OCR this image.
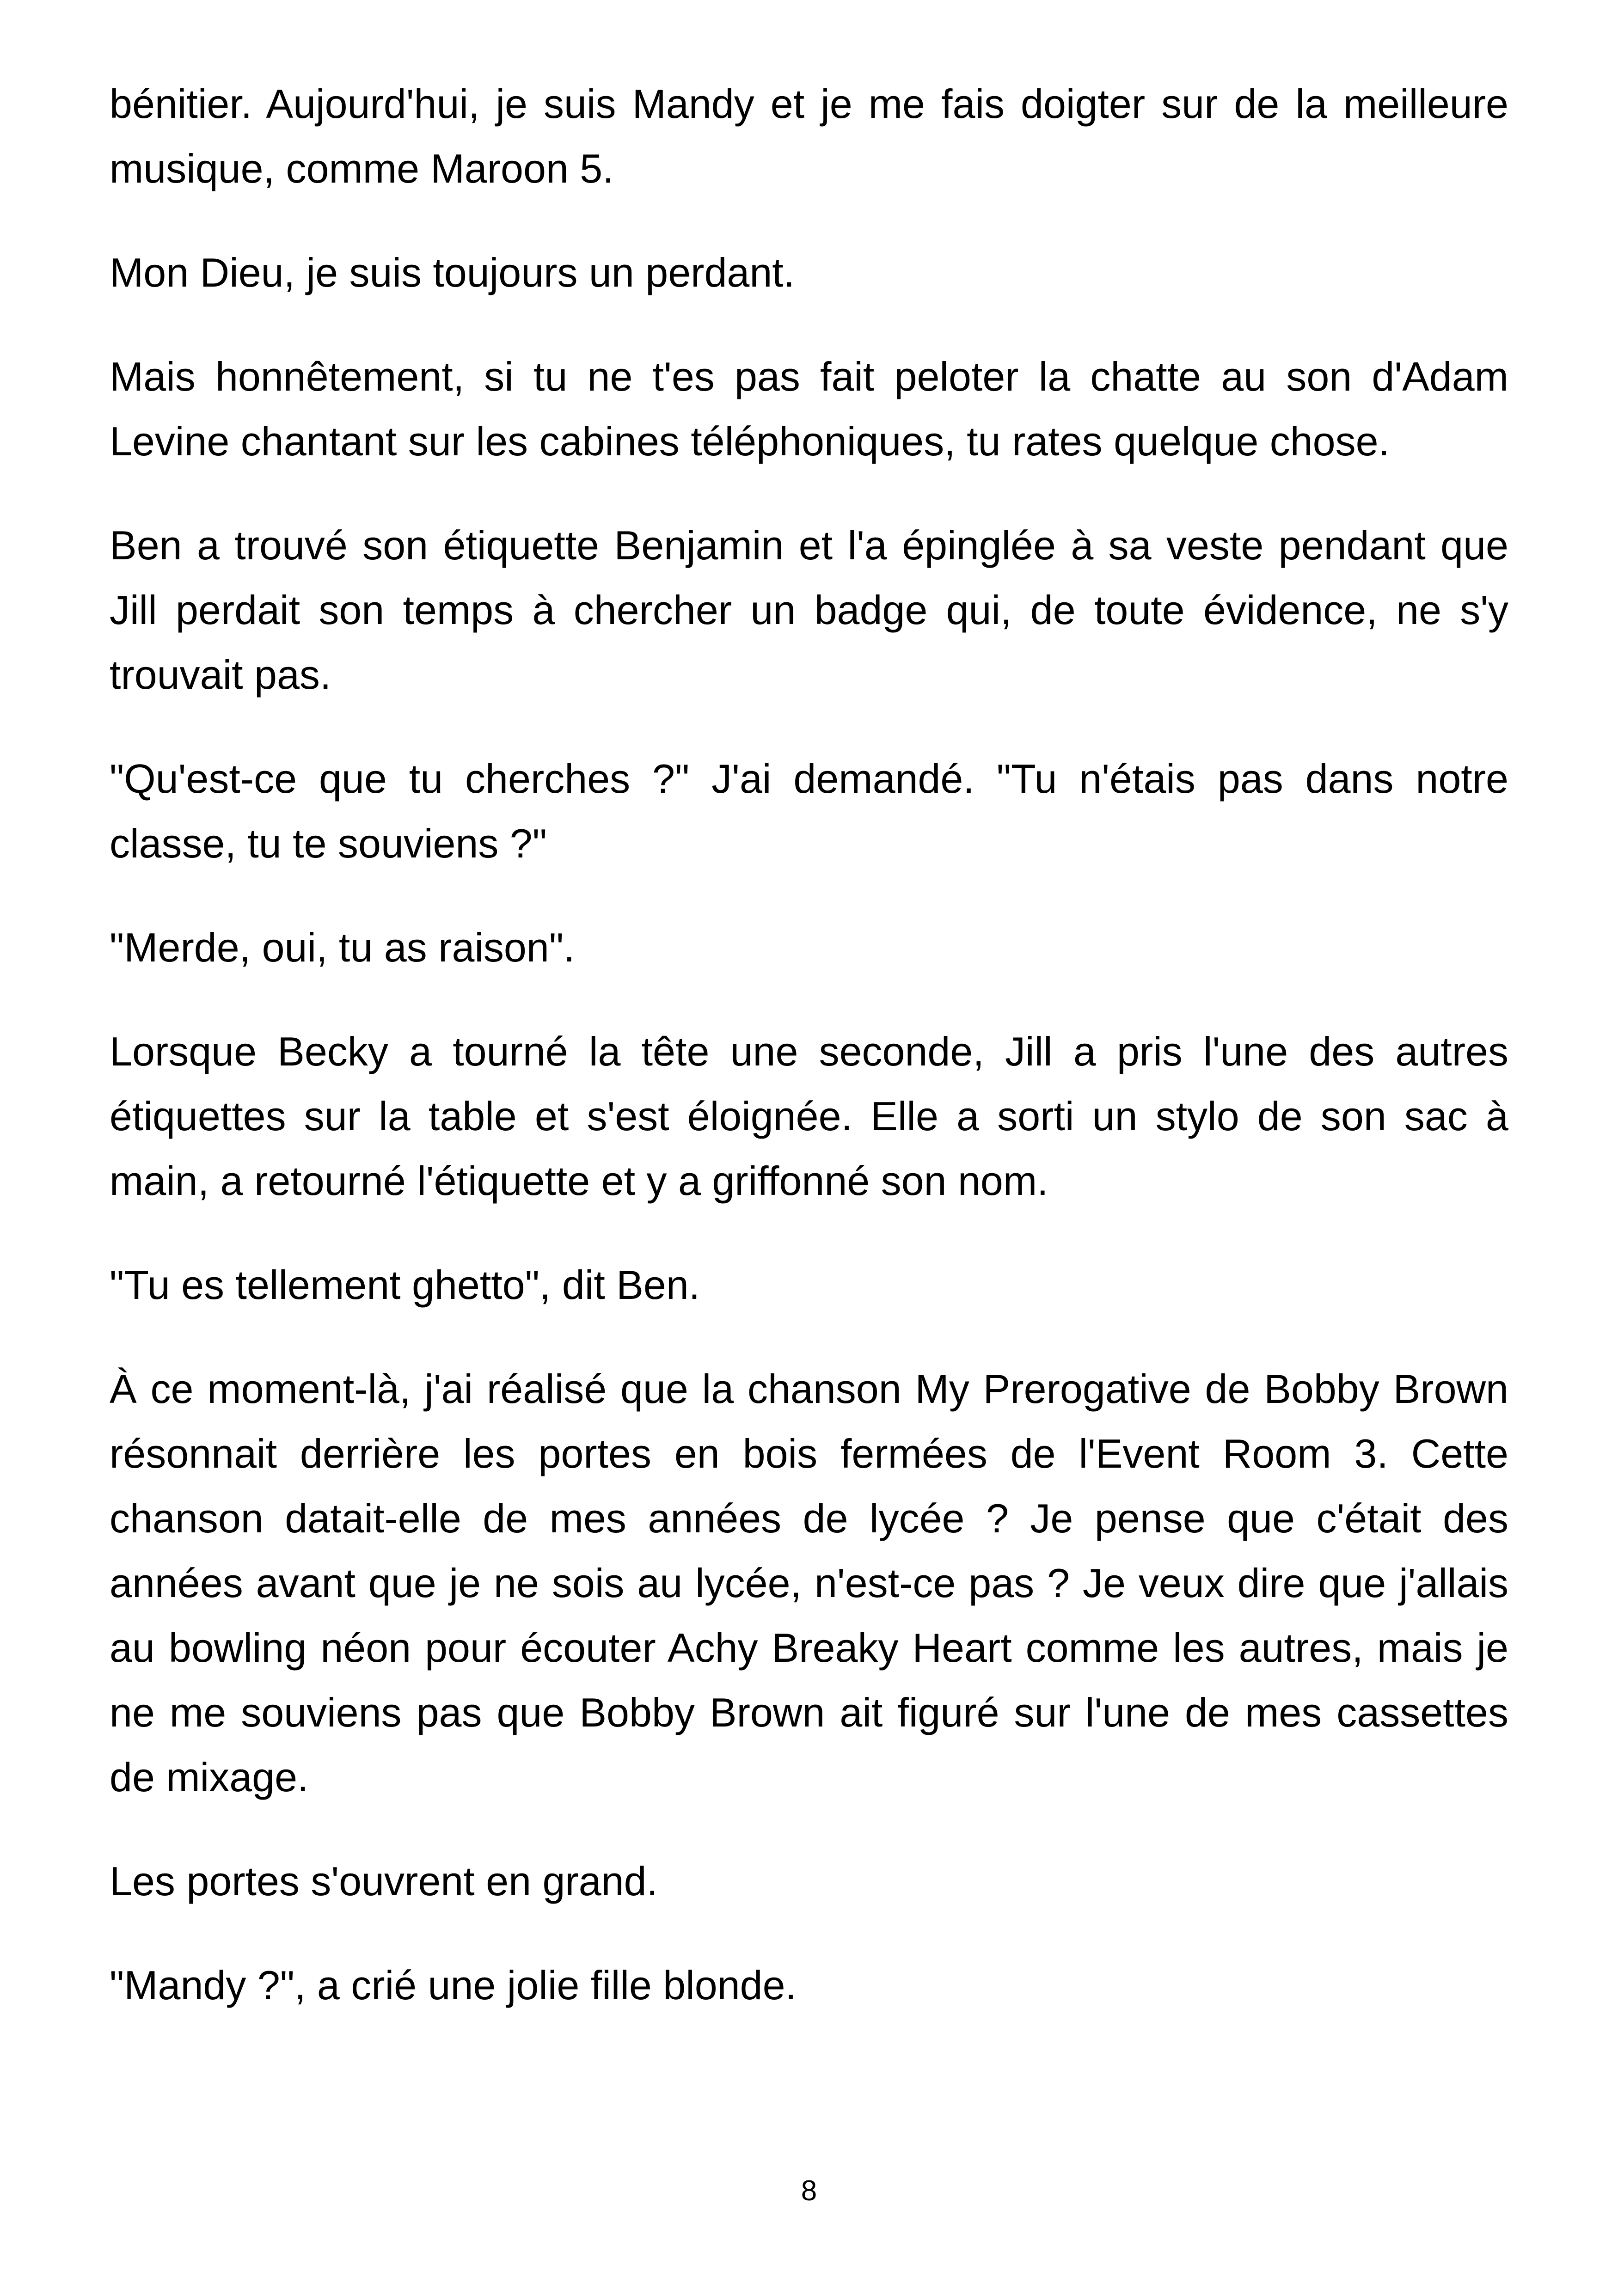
bénitier. Aujourd'hui, je suis Mandy et je me fais doigter sur de la meilleure musique, comme Maroon 5.

Mon Dieu, je suis toujours un perdant.

Mais honnêtement, si tu ne t'es pas fait peloter la chatte au son d'Adam Levine chantant sur les cabines téléphoniques, tu rates quelque chose.

Ben a trouvé son étiquette Benjamin et l'a épinglée à sa veste pendant que Jill perdait son temps à chercher un badge qui, de toute évidence, ne s'y trouvait pas.

"Qu'est-ce que tu cherches ?" J'ai demandé. "Tu n'étais pas dans notre classe, tu te souviens ?"

"Merde, oui, tu as raison".

Lorsque Becky a tourné la tête une seconde, Jill a pris l'une des autres étiquettes sur la table et s'est éloignée. Elle a sorti un stylo de son sac à main, a retourné l'étiquette et y a griffonné son nom.

"Tu es tellement ghetto", dit Ben.

À ce moment-là, j'ai réalisé que la chanson My Prerogative de Bobby Brown résonnait derrière les portes en bois fermées de l'Event Room 3. Cette chanson datait-elle de mes années de lycée ? Je pense que c'était des années avant que je ne sois au lycée, n'est-ce pas ? Je veux dire que j'allais au bowling néon pour écouter Achy Breaky Heart comme les autres, mais je ne me souviens pas que Bobby Brown ait figuré sur l'une de mes cassettes de mixage.

Les portes s'ouvrent en grand.

"Mandy ?", a crié une jolie fille blonde.

8
